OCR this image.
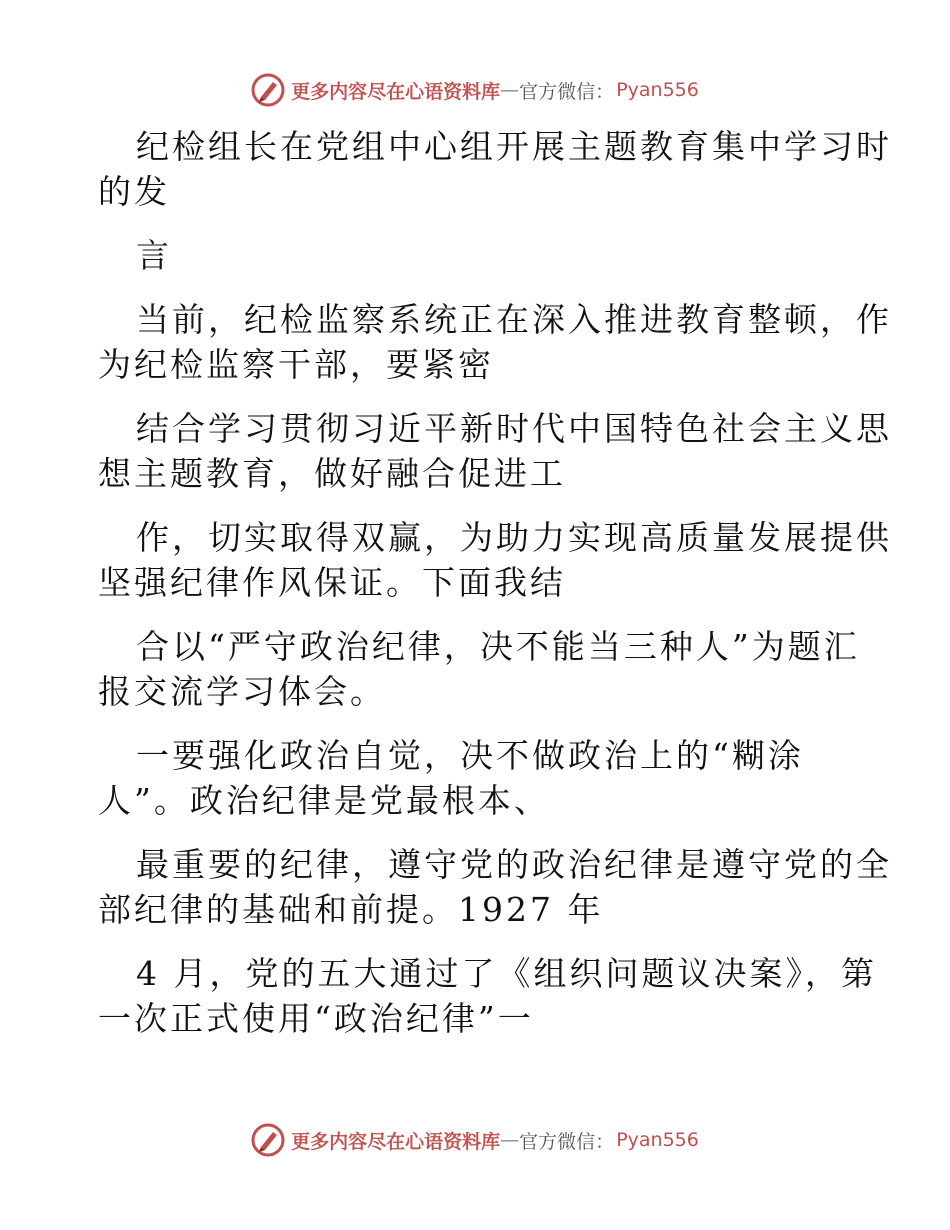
更多内容尽在心语资料库 — 官方微信： Pyan556
纪检组长在党组中心组开展主题教育集中学习时
的发
言
当前，纪检监察系统正在深入推进教育整顿，作
为纪检监察干部，要紧密
结合学习贯彻习近平新时代中国特色社会主义思
想主题教育，做好融合促进工
作，切实取得双赢，为助力实现高质量发展提供
坚强纪律作风保证。下面我结
合以“严守政治纪律，决不能当三种人”为题汇
报交流学习体会。
一要强化政治自觉，决不做政治上的“糊涂
人”。政治纪律是党最根本、
最重要的纪律，遵守党的政治纪律是遵守党的全
部纪律的基础和前提。1927 年
4 月，党的五大通过了《组织问题议决案》，第
一次正式使用“政治纪律”一
更多内容尽在心语资料库 — 官方微信： Pyan556
